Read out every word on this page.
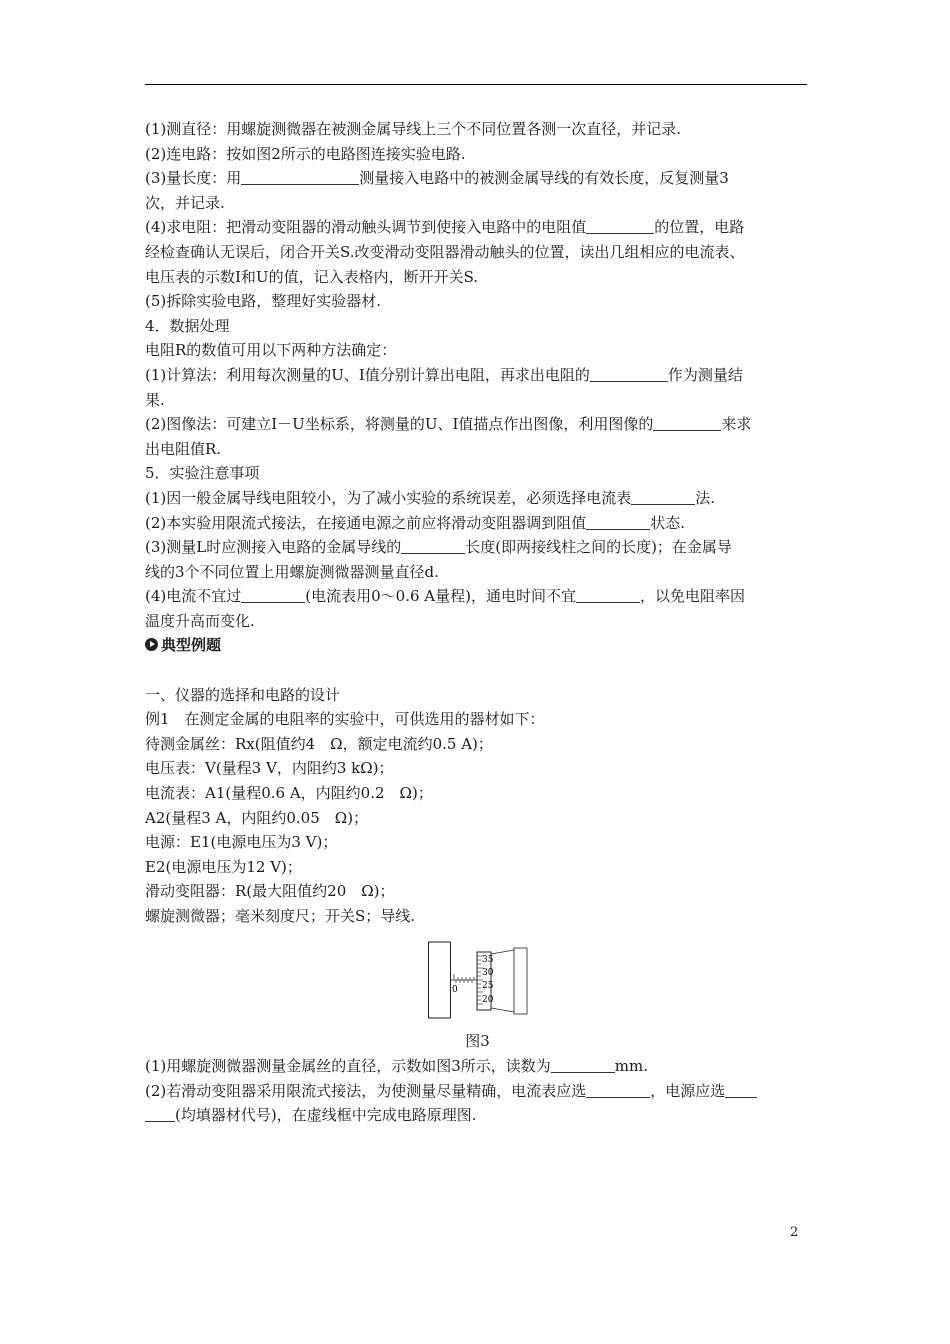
(1)测直径：用螺旋测微器在被测金属导线上三个不同位置各测一次直径，并记录.
(2)连电路：按如图2所示的电路图连接实验电路.
(3)量长度：用	测量接入电路中的被测金属导线的有效长度，反复测量3
次，并记录.
(4)求电阻：把滑动变阻器的滑动触头调节到使接入电路中的电阻值	的位置，电路
经检查确认无误后，闭合开关S.改变滑动变阻器滑动触头的位置，读出几组相应的电流表、
电压表的示数I和U的值，记入表格内，断开开关S.
(5)拆除实验电路，整理好实验器材.
4．数据处理
电阻R的数值可用以下两种方法确定：
(1)计算法：利用每次测量的U、I值分别计算出电阻，再求出电阻的	作为测量结
果.
(2)图像法：可建立I－U坐标系，将测量的U、I值描点作出图像，利用图像的	来求
出电阻值R.
5．实验注意事项
(1)因一般金属导线电阻较小，为了减小实验的系统误差，必须选择电流表	法.
(2)本实验用限流式接法，在接通电源之前应将滑动变阻器调到阻值	状态.
(3)测量L时应测接入电路的金属导线的	长度(即两接线柱之间的长度)；在金属导
线的3个不同位置上用螺旋测微器测量直径d.
(4)电流不宜过	(电流表用0～0.6 A量程)，通电时间不宜	，以免电阻率因
温度升高而变化.
典型例题
一、仪器的选择和电路的设计
例1　在测定金属的电阻率的实验中，可供选用的器材如下：
待测金属丝：Rx(阻值约4　Ω，额定电流约0.5 A)；
电压表：V(量程3 V，内阻约3 kΩ)；
电流表：A1(量程0.6 A，内阻约0.2　Ω)；
A2(量程3 A，内阻约0.05　Ω)；
电源：E1(电源电压为3 V)；
E2(电源电压为12 V)；
滑动变阻器：R(最大阻值约20　Ω)；
螺旋测微器；毫米刻度尺；开关S；导线.
0
35
30
25
20
图3
(1)用螺旋测微器测量金属丝的直径，示数如图3所示，读数为	mm.
(2)若滑动变阻器采用限流式接法，为使测量尽量精确，电流表应选	，电源应选
(均填器材代号)，在虚线框中完成电路原理图.
2
